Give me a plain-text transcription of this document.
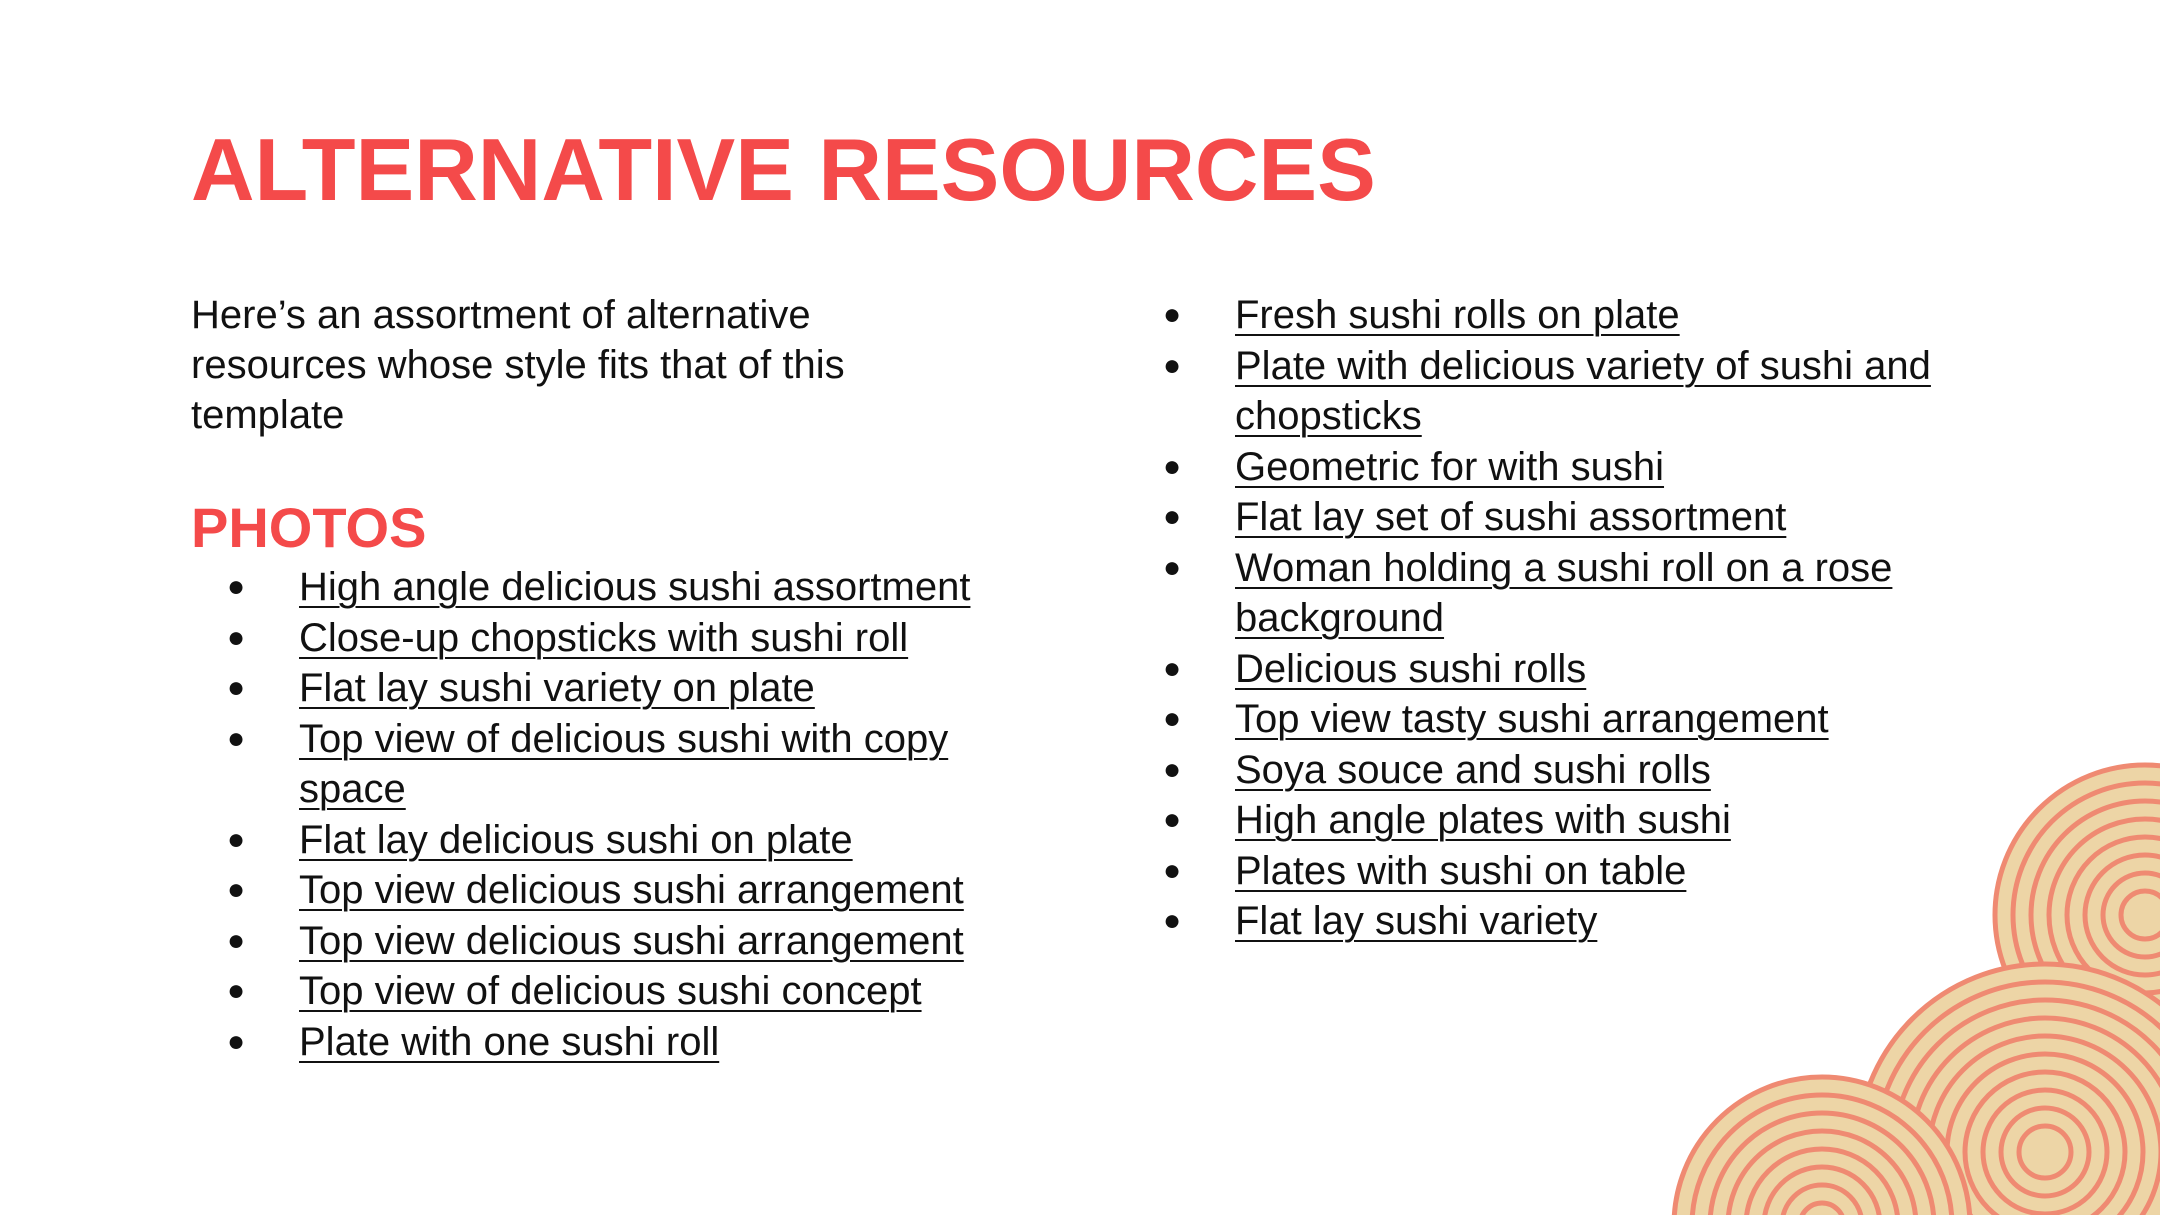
ALTERNATIVE RESOURCES

Here’s an assortment of alternative resources whose style fits that of this template

PHOTOS
● High angle delicious sushi assortment
● Close-up chopsticks with sushi roll
● Flat lay sushi variety on plate
● Top view of delicious sushi with copy space
● Flat lay delicious sushi on plate
● Top view delicious sushi arrangement
● Top view delicious sushi arrangement
● Top view of delicious sushi concept
● Plate with one sushi roll
● Fresh sushi rolls on plate
● Plate with delicious variety of sushi and chopsticks
● Geometric for with sushi
● Flat lay set of sushi assortment
● Woman holding a sushi roll on a rose background
● Delicious sushi rolls
● Top view tasty sushi arrangement
● Soya souce and sushi rolls
● High angle plates with sushi
● Plates with sushi on table
● Flat lay sushi variety
